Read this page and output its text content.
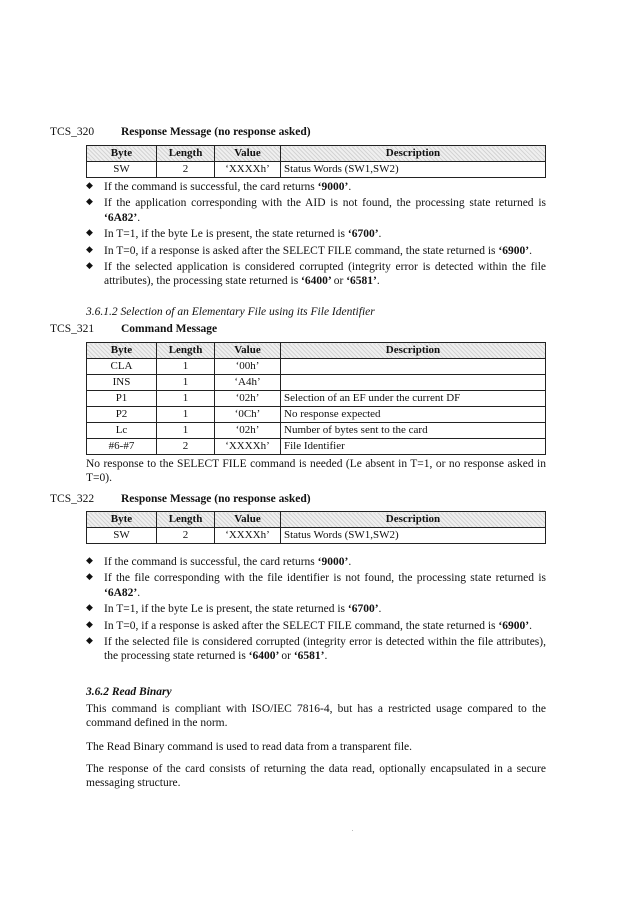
TCS_320 Response Message (no response asked)
Byte	Length	Value	Description
SW	2	‘XXXXh’	Status Words (SW1,SW2)
◆ If the command is successful, the card returns ‘9000’.
◆ If the application corresponding with the AID is not found, the processing state returned is ‘6A82’.
◆ In T=1, if the byte Le is present, the state returned is ‘6700’.
◆ In T=0, if a response is asked after the SELECT FILE command, the state returned is ‘6900’.
◆ If the selected application is considered corrupted (integrity error is detected within the file attributes), the processing state returned is ‘6400’ or ‘6581’.
3.6.1.2 Selection of an Elementary File using its File Identifier
TCS_321 Command Message
Byte	Length	Value	Description
CLA	1	‘00h’	
INS	1	‘A4h’	
P1	1	‘02h’	Selection of an EF under the current DF
P2	1	‘0Ch’	No response expected
Lc	1	‘02h’	Number of bytes sent to the card
#6-#7	2	‘XXXXh’	File Identifier

No response to the SELECT FILE command is needed (Le absent in T=1, or no response asked in T=0).

TCS_322 Response Message (no response asked)
Byte	Length	Value	Description
SW	2	‘XXXXh’	Status Words (SW1,SW2)
◆ If the command is successful, the card returns ‘9000’.
◆ If the file corresponding with the file identifier is not found, the processing state returned is ‘6A82’.
◆ In T=1, if the byte Le is present, the state returned is ‘6700’.
◆ In T=0, if a response is asked after the SELECT FILE command, the state returned is ‘6900’.
◆ If the selected file is considered corrupted (integrity error is detected within the file attributes), the processing state returned is ‘6400’ or ‘6581’.
3.6.2 Read Binary

This command is compliant with ISO/IEC 7816-4, but has a restricted usage compared to the command defined in the norm.

The Read Binary command is used to read data from a transparent file.

The response of the card consists of returning the data read, optionally encapsulated in a secure messaging structure.
